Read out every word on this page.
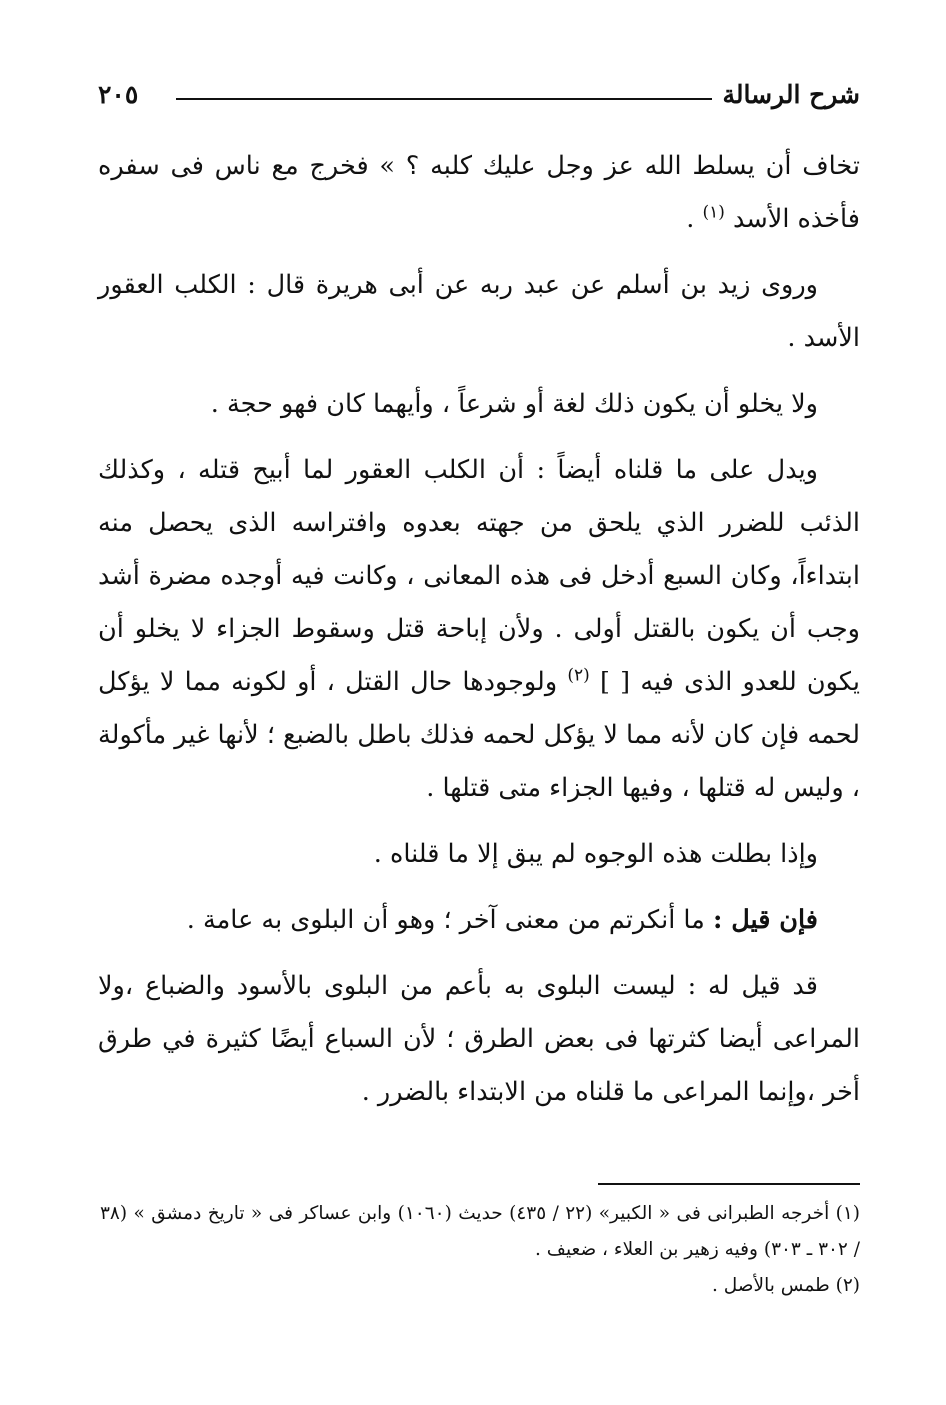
شرح الرسالة
٢٠٥

تخاف أن يسلط الله عز وجل عليك كلبه ؟ » فخرج مع ناس فى سفره فأخذه الأسد $^{(١)}$ .

وروى زيد بن أسلم عن عبد ربه عن أبى هريرة قال : الكلب العقور الأسد .

ولا يخلو أن يكون ذلك لغة أو شرعاً ، وأيهما كان فهو حجة .

ويدل على ما قلناه أيضاً : أن الكلب العقور لما أبيح قتله ، وكذلك الذئب للضرر الذي يلحق من جهته بعدوه وافتراسه الذى يحصل منه ابتداءاً، وكان السبع أدخل فى هذه المعانى ، وكانت فيه أوجده مضرة أشد وجب أن يكون بالقتل أولى . ولأن إباحة قتل وسقوط الجزاء لا يخلو أن يكون للعدو الذى فيه [ ] $^{(٢)}$ ولوجودها حال القتل ، أو لكونه مما لا يؤكل لحمه فإن كان لأنه مما لا يؤكل لحمه فذلك باطل بالضبع ؛ لأنها غير مأكولة ، وليس له قتلها ، وفيها الجزاء متى قتلها .

وإذا بطلت هذه الوجوه لم يبق إلا ما قلناه .

فإن قيل : ما أنكرتم من معنى آخر ؛ وهو أن البلوى به عامة .

قد قيل له : ليست البلوى به بأعم من البلوى بالأسود والضباع ،ولا المراعى أيضا كثرتها فى بعض الطرق ؛ لأن السباع أيضًا كثيرة في طرق أخر ،وإنما المراعى ما قلناه من الابتداء بالضرر .

(١) أخرجه الطبرانى فى « الكبير» (٢٢ / ٤٣٥) حديث (١٠٦٠) وابن عساكر فى « تاريخ دمشق » (٣٨ / ٣٠٢ ـ ٣٠٣) وفيه زهير بن العلاء ، ضعيف .

(٢) طمس بالأصل .
